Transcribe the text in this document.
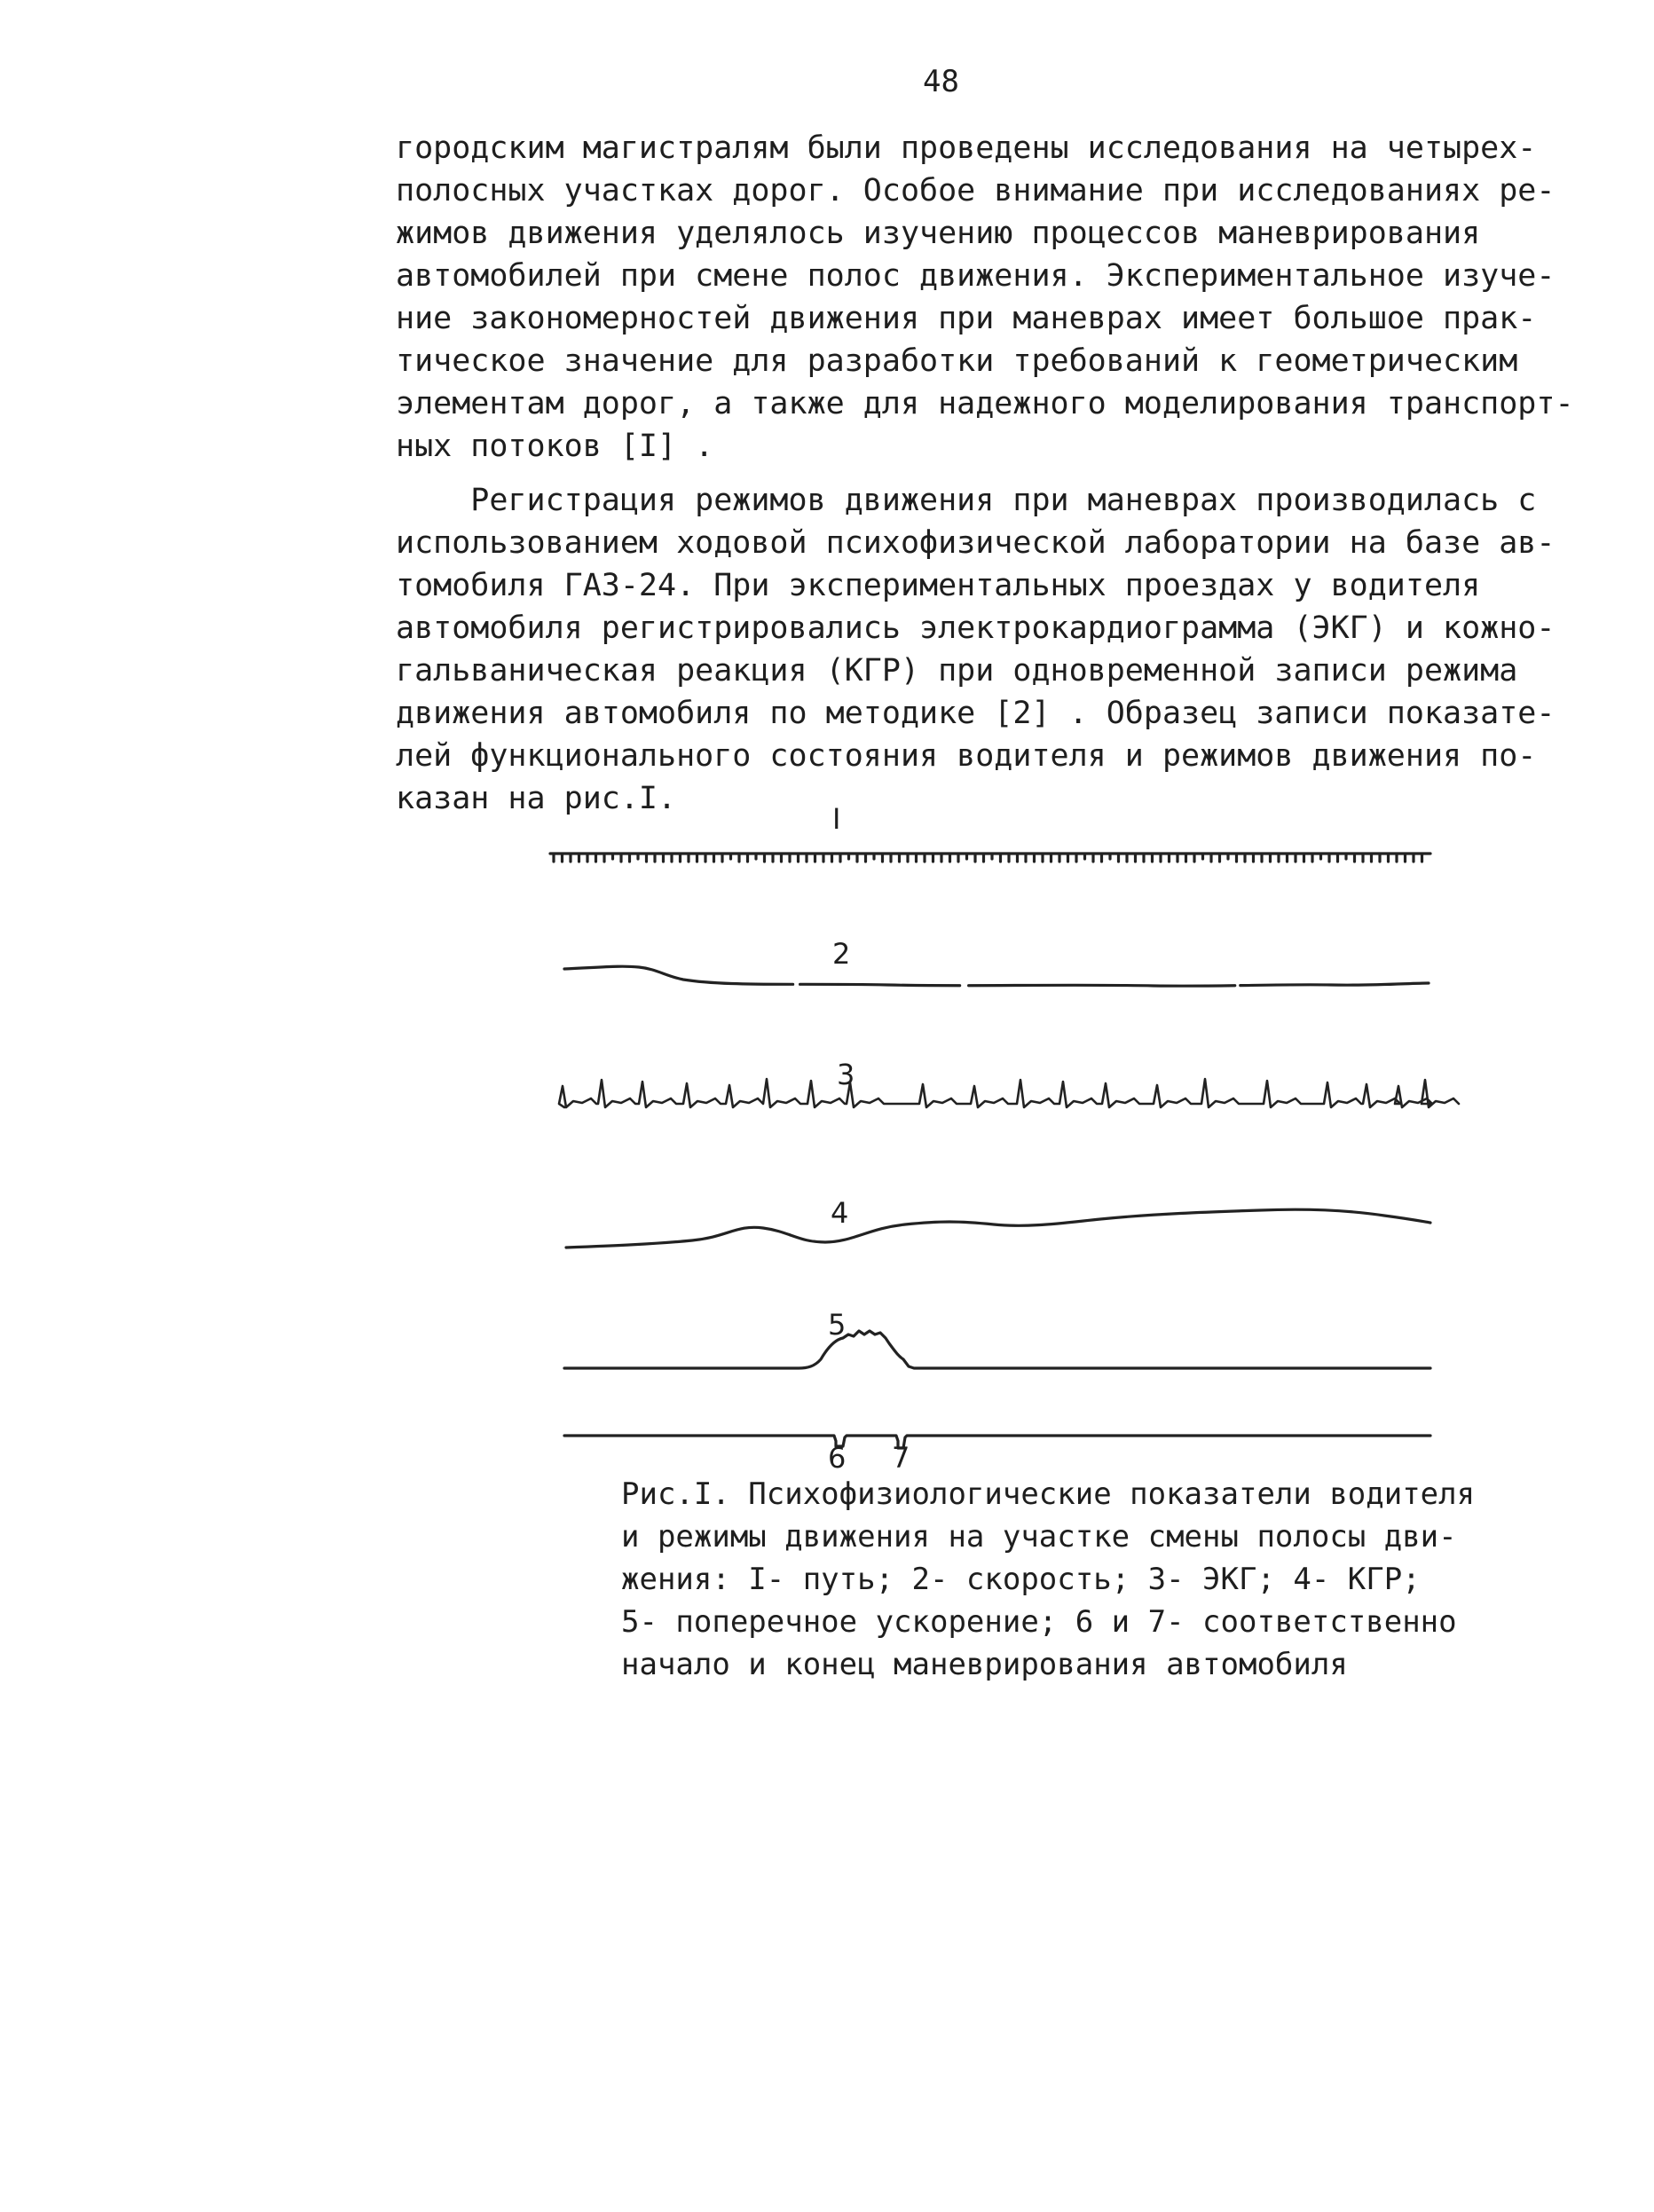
48
городским магистралям были проведены исследования на четырех-
полосных участках дорог. Особое внимание при исследованиях ре-
жимов движения уделялось изучению процессов маневрирования
автомобилей при смене полос движения. Экспериментальное изуче-
ние закономерностей движения при маневрах имеет большое прак-
тическое значение для разработки требований к геометрическим
элементам дорог, а также для надежного моделирования транспорт-
ных потоков [I] .
Регистрация режимов движения при маневрах производилась с
использованием ходовой психофизической лаборатории на базе ав-
томобиля ГАЗ-24. При экспериментальных проездах у водителя
автомобиля регистрировались электрокардиограмма (ЭКГ) и кожно-
гальваническая реакция (КГР) при одновременной записи режима
движения автомобиля по методике [2] . Образец записи показате-
лей функционального состояния водителя и режимов движения по-
казан на рис.I.
I
2
3
4
5
6 7
Рис.I. Психофизиологические показатели водителя
и режимы движения на участке смены полосы дви-
жения: I- путь; 2- скорость; 3- ЭКГ; 4- КГР;
5- поперечное ускорение; 6 и 7- соответственно
начало и конец маневрирования автомобиля
